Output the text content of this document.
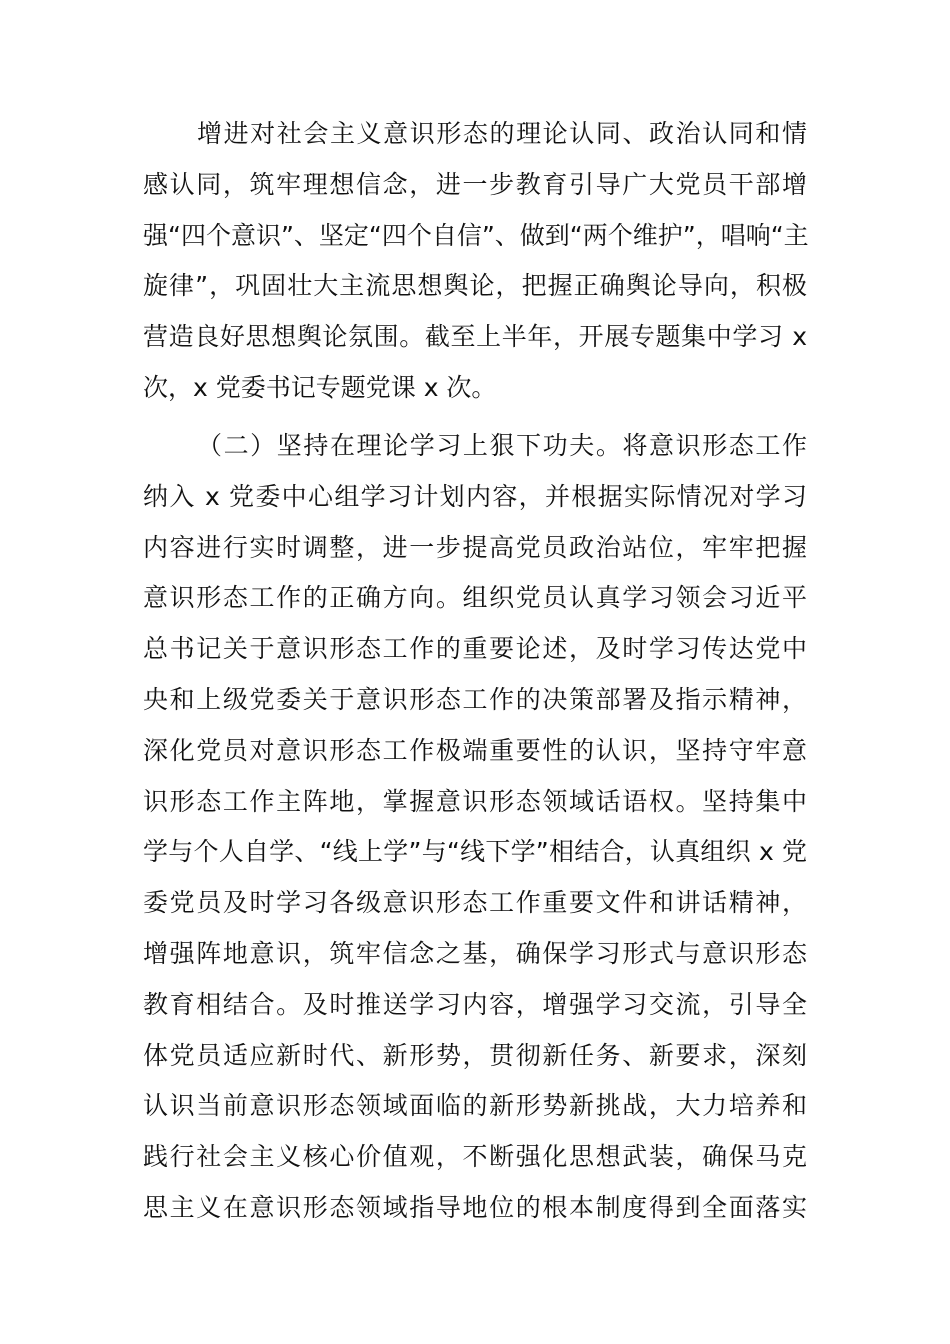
增进对社会主义意识形态的理论认同、政治认同和情
感认同，筑牢理想信念，进一步教育引导广大党员干部增
强“四个意识”、坚定“四个自信”、做到“两个维护”，唱响“主
旋律”，巩固壮大主流思想舆论，把握正确舆论导向，积极
营造良好思想舆论氛围。截至上半年，开展专题集中学习 x
次，x 党委书记专题党课 x 次。
（二）坚持在理论学习上狠下功夫。将意识形态工作
纳入 x 党委中心组学习计划内容，并根据实际情况对学习
内容进行实时调整，进一步提高党员政治站位，牢牢把握
意识形态工作的正确方向。组织党员认真学习领会习近平
总书记关于意识形态工作的重要论述，及时学习传达党中
央和上级党委关于意识形态工作的决策部署及指示精神，
深化党员对意识形态工作极端重要性的认识，坚持守牢意
识形态工作主阵地，掌握意识形态领域话语权。坚持集中
学与个人自学、“线上学”与“线下学”相结合，认真组织 x 党
委党员及时学习各级意识形态工作重要文件和讲话精神，
增强阵地意识，筑牢信念之基，确保学习形式与意识形态
教育相结合。及时推送学习内容，增强学习交流，引导全
体党员适应新时代、新形势，贯彻新任务、新要求，深刻
认识当前意识形态领域面临的新形势新挑战，大力培养和
践行社会主义核心价值观，不断强化思想武装，确保马克
思主义在意识形态领域指导地位的根本制度得到全面落实
